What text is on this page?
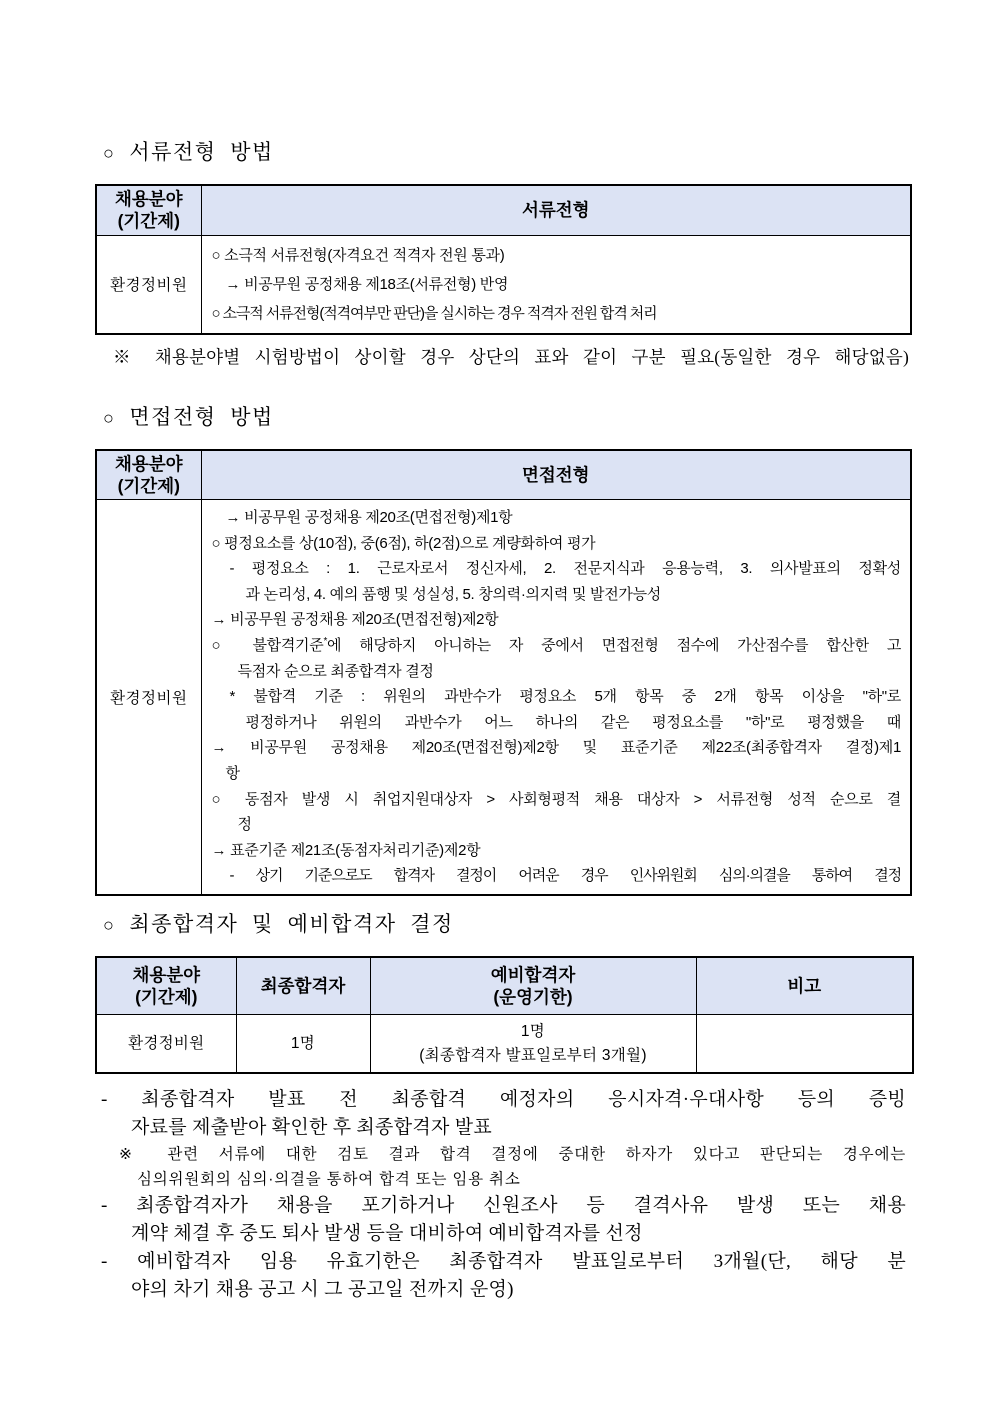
○ 서류전형 방법
채용분야
(기간제)	서류전형
환경정비원	○ 소극적 서류전형(자격요건 적격자 전원 통과)
→ 비공무원 공정채용 제18조(서류전형) 반영
○ 소극적 서류전형(적격여부만 판단)을 실시하는 경우 적격자 전원 합격 처리
※ 채용분야별 시험방법이 상이할 경우 상단의 표와 같이 구분 필요(동일한 경우 해당없음)
○ 면접전형 방법
채용분야
(기간제)	면접전형
환경정비원	
→ 비공무원 공정채용 제20조(면접전형)제1항
○ 평정요소를 상(10점), 중(6점), 하(2점)으로 계량화하여 평가
- 평정요소 : 1. 근로자로서 정신자세, 2. 전문지식과 응용능력, 3. 의사발표의 정확성
과 논리성, 4. 예의 품행 및 성실성, 5. 창의력·의지력 및 발전가능성
→ 비공무원 공정채용 제20조(면접전형)제2항
○ 불합격기준*에 해당하지 아니하는 자 중에서 면접전형 점수에 가산점수를 합산한 고
득점자 순으로 최종합격자 결정
* 불합격 기준 : 위원의 과반수가 평정요소 5개 항목 중 2개 항목 이상을 "하"로
평정하거나 위원의 과반수가 어느 하나의 같은 평정요소를 "하"로 평정했을 때
→ 비공무원 공정채용 제20조(면접전형)제2항 및 표준기준 제22조(최종합격자 결정)제1
항
○ 동점자 발생 시 취업지원대상자 > 사회형평적 채용 대상자 > 서류전형 성적 순으로 결
정
→ 표준기준 제21조(동점자처리기준)제2항
- 상기 기준으로도 합격자 결정이 어려운 경우 인사위원회 심의·의결을 통하여 결정
○ 최종합격자 및 예비합격자 결정
채용분야
(기간제)
	최종합격자	
예비합격자
(운영기한)
	비고
환경정비원	1명	1명
(최종합격자 발표일로부터 3개월)	

- 최종합격자 발표 전 최종합격 예정자의 응시자격·우대사항 등의 증빙
자료를 제출받아 확인한 후 최종합격자 발표
※ 관련 서류에 대한 검토 결과 합격 결정에 중대한 하자가 있다고 판단되는 경우에는
심의위원회의 심의·의결을 통하여 합격 또는 임용 취소
- 최종합격자가 채용을 포기하거나 신원조사 등 결격사유 발생 또는 채용
계약 체결 후 중도 퇴사 발생 등을 대비하여 예비합격자를 선정
- 예비합격자 임용 유효기한은 최종합격자 발표일로부터 3개월(단, 해당 분
야의 차기 채용 공고 시 그 공고일 전까지 운영)
